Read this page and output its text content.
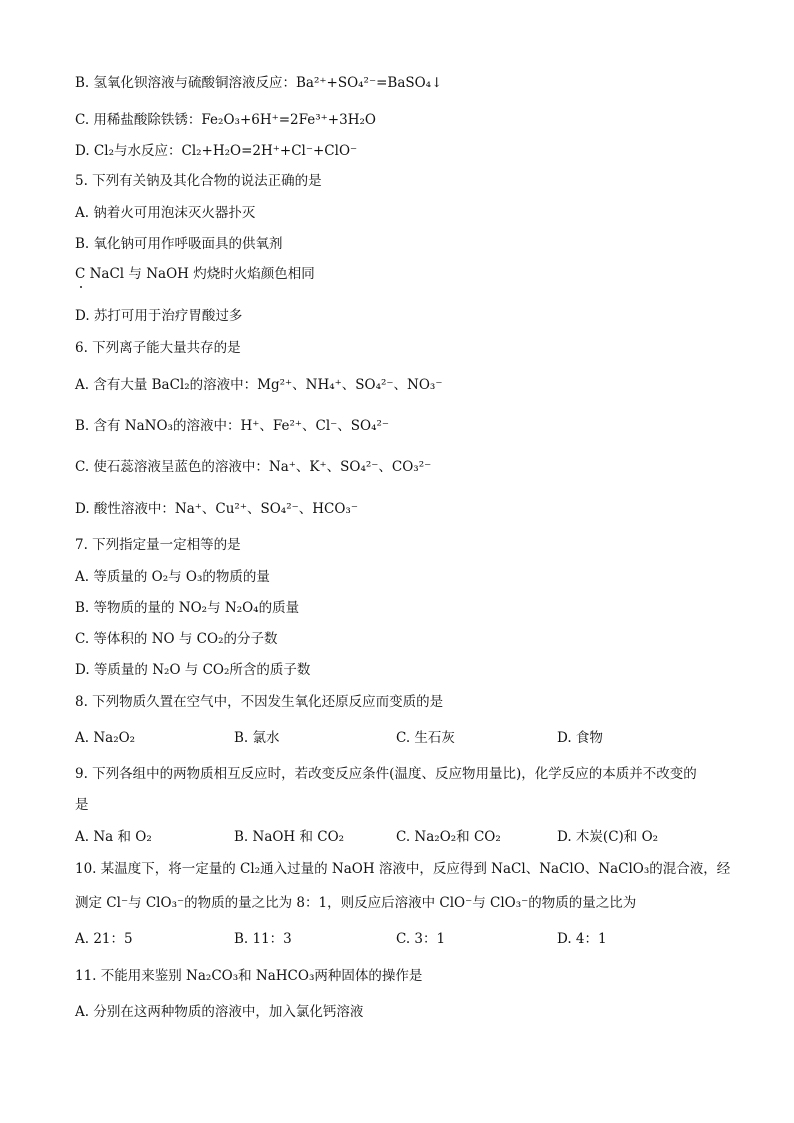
B. 氢氧化钡溶液与硫酸铜溶液反应：Ba²⁺+SO₄²⁻=BaSO₄↓
C. 用稀盐酸除铁锈：Fe₂O₃+6H⁺=2Fe³⁺+3H₂O
D. Cl₂与水反应：Cl₂+H₂O=2H⁺+Cl⁻+ClO⁻
5. 下列有关钠及其化合物的说法正确的是
A. 钠着火可用泡沫灭火器扑灭
B. 氧化钠可用作呼吸面具的供氧剂
C NaCl 与 NaOH 灼烧时火焰颜色相同
D. 苏打可用于治疗胃酸过多
6. 下列离子能大量共存的是
A. 含有大量 BaCl₂的溶液中：Mg²⁺、NH₄⁺、SO₄²⁻、NO₃⁻
B. 含有 NaNO₃的溶液中：H⁺、Fe²⁺、Cl⁻、SO₄²⁻
C. 使石蕊溶液呈蓝色的溶液中：Na⁺、K⁺、SO₄²⁻、CO₃²⁻
D. 酸性溶液中：Na⁺、Cu²⁺、SO₄²⁻、HCO₃⁻
7. 下列指定量一定相等的是
A. 等质量的 O₂与 O₃的物质的量
B. 等物质的量的 NO₂与 N₂O₄的质量
C. 等体积的 NO 与 CO₂的分子数
D. 等质量的 N₂O 与 CO₂所含的质子数
8. 下列物质久置在空气中，不因发生氧化还原反应而变质的是
A. Na₂O₂	B. 氯水	C. 生石灰	D. 食物
9. 下列各组中的两物质相互反应时，若改变反应条件(温度、反应物用量比)，化学反应的本质并不改变的
是
A. Na 和 O₂	B. NaOH 和 CO₂	C. Na₂O₂和 CO₂	D. 木炭(C)和 O₂
10. 某温度下，将一定量的 Cl₂通入过量的 NaOH 溶液中，反应得到 NaCl、NaClO、NaClO₃的混合液，经
测定 Cl⁻与 ClO₃⁻的物质的量之比为 8：1，则反应后溶液中 ClO⁻与 ClO₃⁻的物质的量之比为
A. 21：5	B. 11：3	C. 3：1	D. 4：1
11. 不能用来鉴别 Na₂CO₃和 NaHCO₃两种固体的操作是
A. 分别在这两种物质的溶液中，加入氯化钙溶液
